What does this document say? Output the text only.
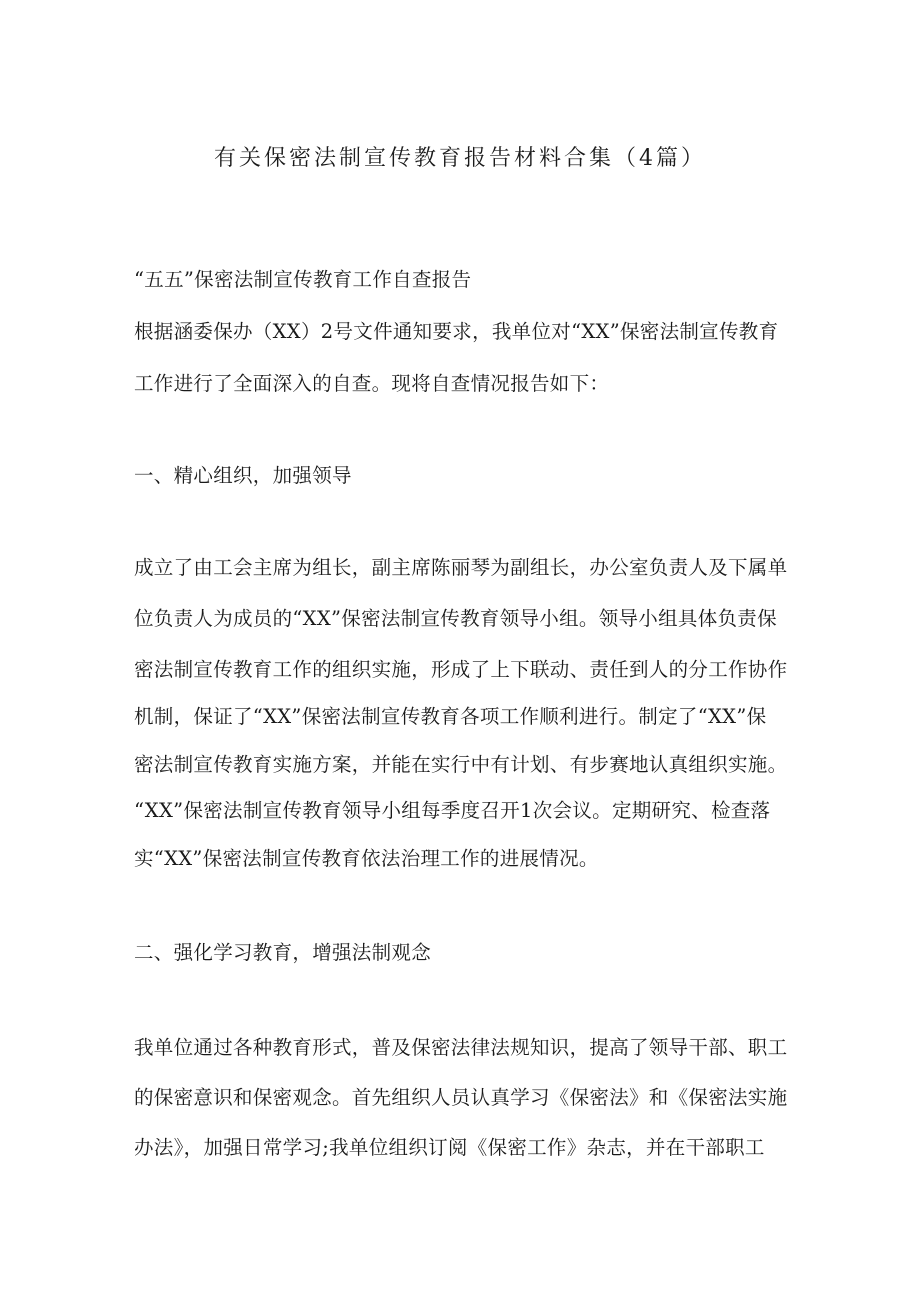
有关保密法制宣传教育报告材料合集（4篇）
“五五”保密法制宣传教育工作自查报告
根据涵委保办（XX）2号文件通知要求，我单位对“XX”保密法制宣传教育
工作进行了全面深入的自查。现将自查情况报告如下：
一、精心组织，加强领导
成立了由工会主席为组长，副主席陈丽琴为副组长，办公室负责人及下属单
位负责人为成员的“XX”保密法制宣传教育领导小组。领导小组具体负责保
密法制宣传教育工作的组织实施，形成了上下联动、责任到人的分工作协作
机制，保证了“XX”保密法制宣传教育各项工作顺利进行。制定了“XX”保
密法制宣传教育实施方案，并能在实行中有计划、有步赛地认真组织实施。
“XX”保密法制宣传教育领导小组每季度召开1次会议。定期研究、检查落
实“XX”保密法制宣传教育依法治理工作的进展情况。
二、强化学习教育，增强法制观念
我单位通过各种教育形式，普及保密法律法规知识，提高了领导干部、职工
的保密意识和保密观念。首先组织人员认真学习《保密法》和《保密法实施
办法》，加强日常学习;我单位组织订阅《保密工作》杂志，并在干部职工
